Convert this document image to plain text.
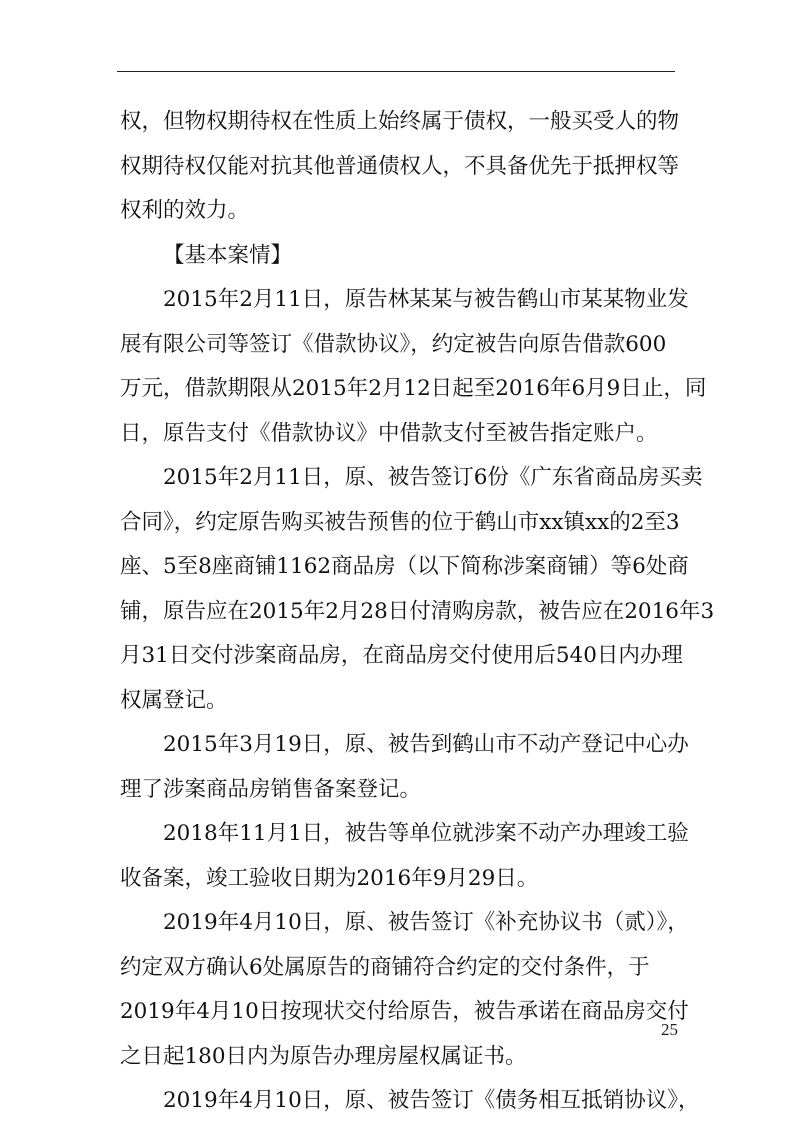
权，但物权期待权在性质上始终属于债权，一般买受人的物
权期待权仅能对抗其他普通债权人，不具备优先于抵押权等
权利的效力。
【基本案情】
2015年2月11日，原告林某某与被告鹤山市某某物业发
展有限公司等签订《借款协议》，约定被告向原告借款600
万元，借款期限从2015年2月12日起至2016年6月9日止，同
日，原告支付《借款协议》中借款支付至被告指定账户。
2015年2月11日，原、被告签订6份《广东省商品房买卖
合同》，约定原告购买被告预售的位于鹤山市xx镇xx的2至3
座、5至8座商铺1162商品房（以下简称涉案商铺）等6处商
铺，原告应在2015年2月28日付清购房款，被告应在2016年3
月31日交付涉案商品房，在商品房交付使用后540日内办理
权属登记。
2015年3月19日，原、被告到鹤山市不动产登记中心办
理了涉案商品房销售备案登记。
2018年11月1日，被告等单位就涉案不动产办理竣工验
收备案，竣工验收日期为2016年9月29日。
2019年4月10日，原、被告签订《补充协议书（贰）》，
约定双方确认6处属原告的商铺符合约定的交付条件，于
2019年4月10日按现状交付给原告，被告承诺在商品房交付
之日起180日内为原告办理房屋权属证书。
2019年4月10日，原、被告签订《债务相互抵销协议》，
25
